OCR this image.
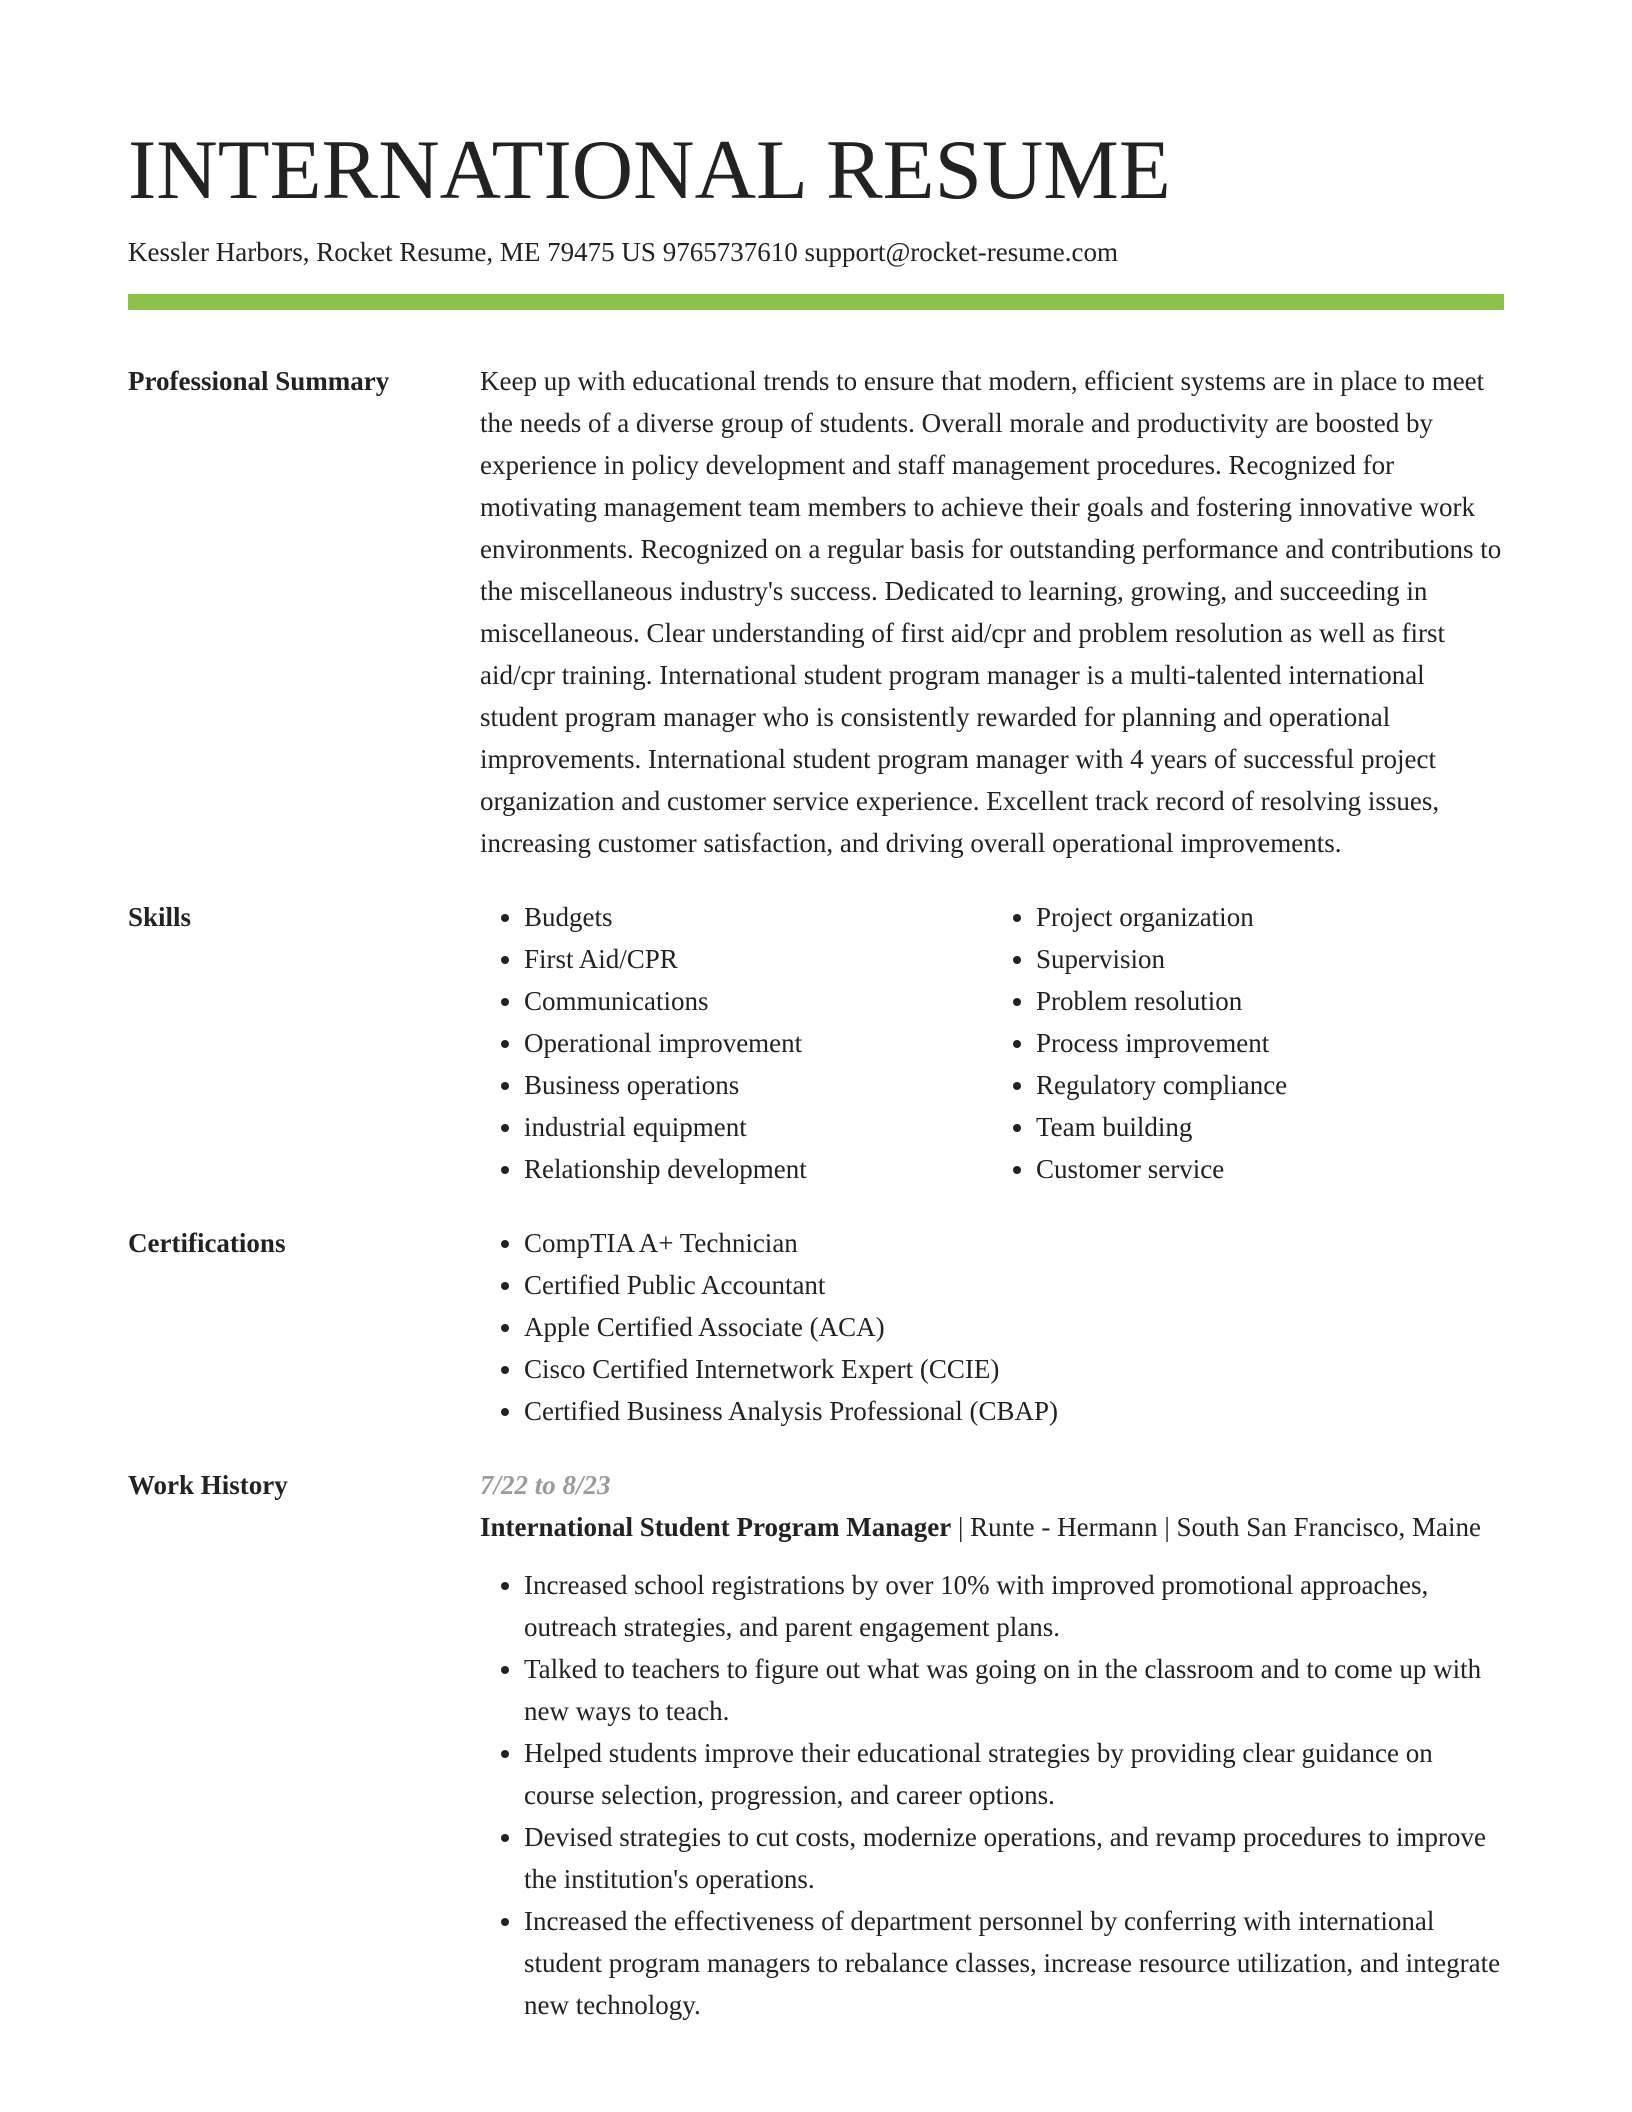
INTERNATIONAL RESUME
Kessler Harbors, Rocket Resume, ME 79475 US 9765737610 support@rocket-resume.com
Professional Summary	Keep up with educational trends to ensure that modern, efficient systems are in place to meet the needs of a diverse group of students. Overall morale and productivity are boosted by experience in policy development and staff management procedures. Recognized for motivating management team members to achieve their goals and fostering innovative work environments. Recognized on a regular basis for outstanding performance and contributions to the miscellaneous industry's success. Dedicated to learning, growing, and succeeding in miscellaneous. Clear understanding of first aid/cpr and problem resolution as well as first aid/cpr training. International student program manager is a multi-talented international student program manager who is consistently rewarded for planning and operational improvements. International student program manager with 4 years of successful project organization and customer service experience. Excellent track record of resolving issues, increasing customer satisfaction, and driving overall operational improvements.

Skills	• Budgets
• First Aid/CPR
• Communications
• Operational improvement
• Business operations
• industrial equipment
• Relationship development
• Project organization
• Supervision
• Problem resolution
• Process improvement
• Regulatory compliance
• Team building
• Customer service
Certifications	• CompTIA A+ Technician
• Certified Public Accountant
• Apple Certified Associate (ACA)
• Cisco Certified Internetwork Expert (CCIE)
• Certified Business Analysis Professional (CBAP)
Work History	7/22 to 8/23
International Student Program Manager | Runte - Hermann | South San Francisco, Maine
• Increased school registrations by over 10% with improved promotional approaches, outreach strategies, and parent engagement plans.
• Talked to teachers to figure out what was going on in the classroom and to come up with new ways to teach.
• Helped students improve their educational strategies by providing clear guidance on course selection, progression, and career options.
• Devised strategies to cut costs, modernize operations, and revamp procedures to improve the institution's operations.
• Increased the effectiveness of department personnel by conferring with international student program managers to rebalance classes, increase resource utilization, and integrate new technology.
